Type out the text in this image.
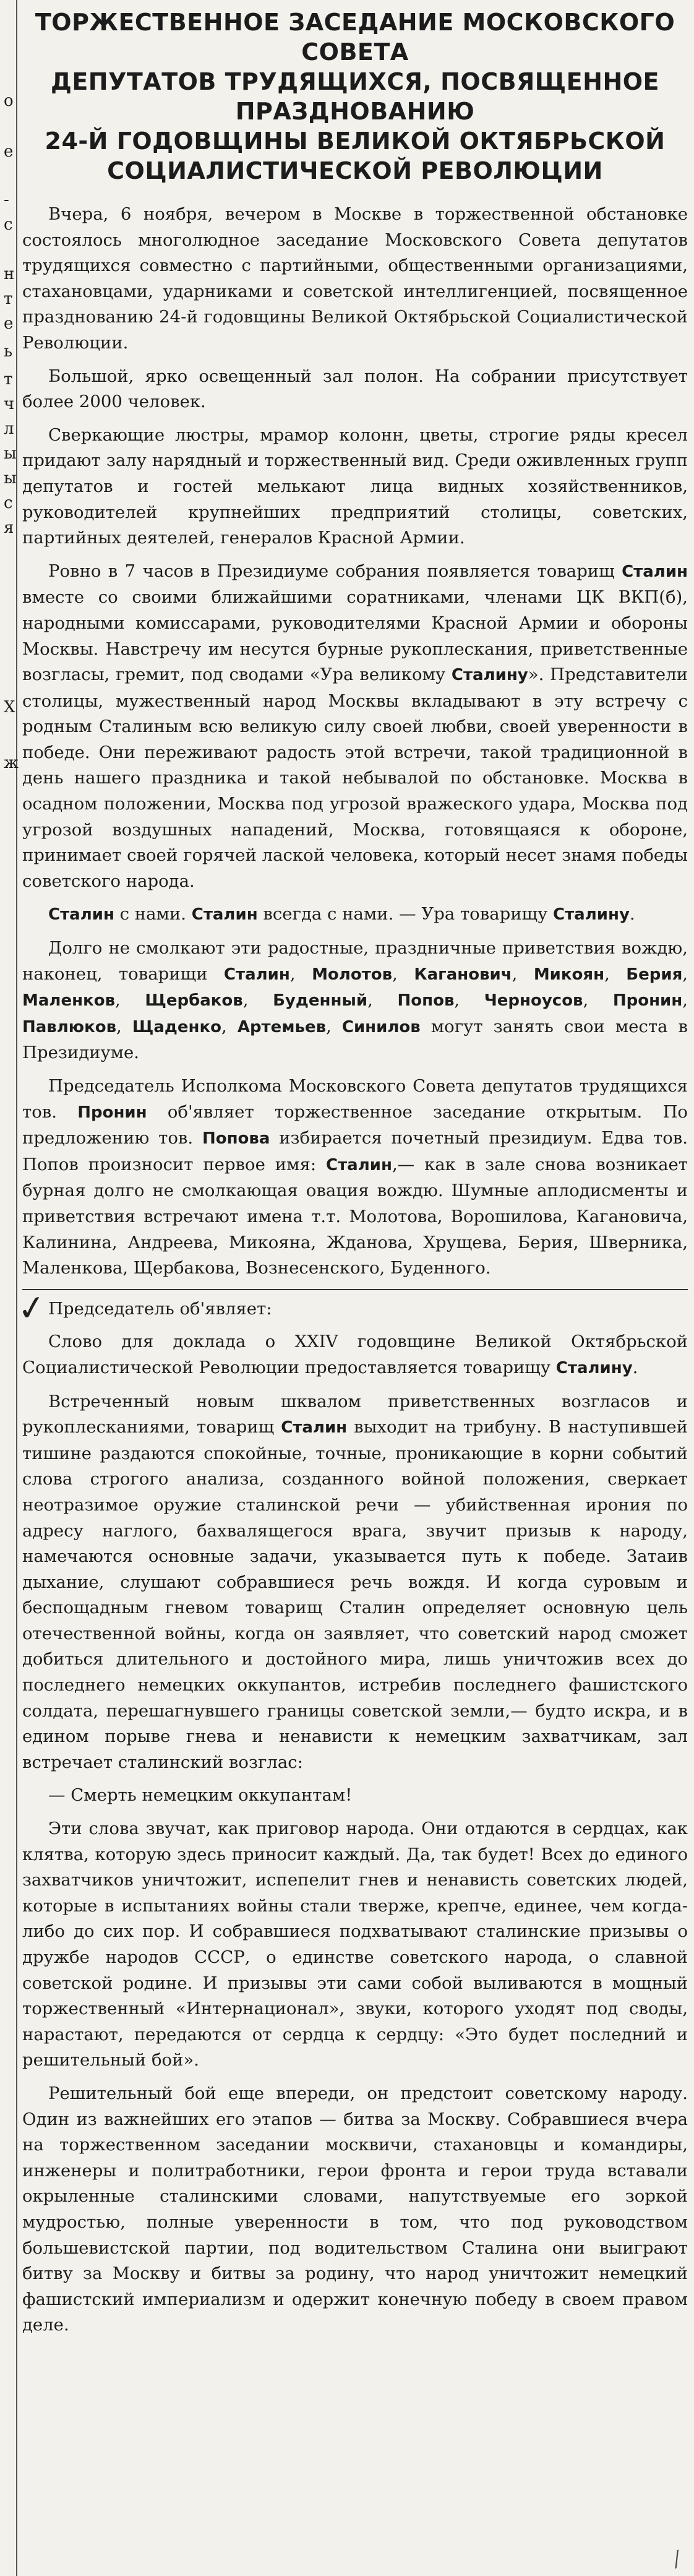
о
е
-
с
н
т
е
ь
т
ч
л
ы
ы
с
я
Х
ж
ТОРЖЕСТВЕННОЕ ЗАСЕДАНИЕ МОСКОВСКОГО СОВЕТА
ДЕПУТАТОВ ТРУДЯЩИХСЯ, ПОСВЯЩЕННОЕ ПРАЗДНОВАНИЮ
24-Й ГОДОВЩИНЫ ВЕЛИКОЙ ОКТЯБРЬСКОЙ
СОЦИАЛИСТИЧЕСКОЙ РЕВОЛЮЦИИ

Вчера, 6 ноября, вечером в Москве в торжественной обстановке состоялось многолюдное заседание Московского Совета депутатов трудящихся совместно с партийными, общественными организациями, стахановцами, ударниками и советской интеллигенцией, посвященное празднованию 24-й годовщины Великой Октябрьской Социалистической Революции.

Большой, ярко освещенный зал полон. На собрании присутствует более 2000 человек.

Сверкающие люстры, мрамор колонн, цветы, строгие ряды кресел придают залу нарядный и торжественный вид. Среди оживленных групп депутатов и гостей мелькают лица видных хозяйственников, руководителей крупнейших предприятий столицы, советских, партийных деятелей, генералов Красной Армии.

Ровно в 7 часов в Президиуме собрания появляется товарищ Сталин вместе со своими ближайшими соратниками, членами ЦК ВКП(б), народными комиссарами, руководителями Красной Армии и обороны Москвы. Навстречу им несутся бурные рукоплескания, приветственные возгласы, гремит, под сводами «Ура великому Сталину». Представители столицы, мужественный народ Москвы вкладывают в эту встречу с родным Сталиным всю великую силу своей любви, своей уверенности в победе. Они переживают радость этой встречи, такой традиционной в день нашего праздника и такой небывалой по обстановке. Москва в осадном положении, Москва под угрозой вражеского удара, Москва под угрозой воздушных нападений, Москва, готовящаяся к обороне, принимает своей горячей лаской человека, который несет знамя победы советского народа.

Сталин с нами. Сталин всегда с нами. — Ура товарищу Сталину.

Долго не смолкают эти радостные, праздничные приветствия вождю, наконец, товарищи Сталин, Молотов, Каганович, Микоян, Берия, Маленков, Щербаков, Буденный, Попов, Черноусов, Пронин, Павлюков, Щаденко, Артемьев, Синилов могут занять свои места в Президиуме.

Председатель Исполкома Московского Совета депутатов трудящихся тов. Пронин об'являет торжественное заседание открытым. По предложению тов. Попова избирается почетный президиум. Едва тов. Попов произносит первое имя: Сталин,— как в зале снова возникает бурная долго не смолкающая овация вождю. Шумные аплодисменты и приветствия встречают имена т.т. Молотова, Ворошилова, Кагановича, Калинина, Андреева, Микояна, Жданова, Хрущева, Берия, Шверника, Маленкова, Щербакова, Вознесенского, Буденного.

✓

Председатель об'являет:

Слово для доклада о XXIV годовщине Великой Октябрьской Социалистической Революции предоставляется товарищу Сталину.

Встреченный новым шквалом приветственных возгласов и рукоплесканиями, товарищ Сталин выходит на трибуну. В наступившей тишине раздаются спокойные, точные, проникающие в корни событий слова строгого анализа, созданного войной положения, сверкает неотразимое оружие сталинской речи — убийственная ирония по адресу наглого, бахвалящегося врага, звучит призыв к народу, намечаются основные задачи, указывается путь к победе. Затаив дыхание, слушают собравшиеся речь вождя. И когда суровым и беспощадным гневом товарищ Сталин определяет основную цель отечественной войны, когда он заявляет, что советский народ сможет добиться длительного и достойного мира, лишь уничтожив всех до последнего немецких оккупантов, истребив последнего фашистского солдата, перешагнувшего границы советской земли,— будто искра, и в едином порыве гнева и ненависти к немецким захватчикам, зал встречает сталинский возглас:

— Смерть немецким оккупантам!

Эти слова звучат, как приговор народа. Они отдаются в сердцах, как клятва, которую здесь приносит каждый. Да, так будет! Всех до единого захватчиков уничтожит, испепелит гнев и ненависть советских людей, которые в испытаниях войны стали тверже, крепче, единее, чем когда-либо до сих пор. И собравшиеся подхватывают сталинские призывы о дружбе народов СССР, о единстве советского народа, о славной советской родине. И призывы эти сами собой выливаются в мощный торжественный «Интернационал», звуки, которого уходят под своды, нарастают, передаются от сердца к сердцу: «Это будет последний и решительный бой».

Решительный бой еще впереди, он предстоит советскому народу. Один из важнейших его этапов — битва за Москву. Собравшиеся вчера на торжественном заседании москвичи, стахановцы и командиры, инженеры и политработники, герои фронта и герои труда вставали окрыленные сталинскими словами, напутствуемые его зоркой мудростью, полные уверенности в том, что под руководством большевистской партии, под водительством Сталина они выиграют битву за Москву и битвы за родину, что народ уничтожит немецкий фашистский империализм и одержит конечную победу в своем правом деле.

⁄
